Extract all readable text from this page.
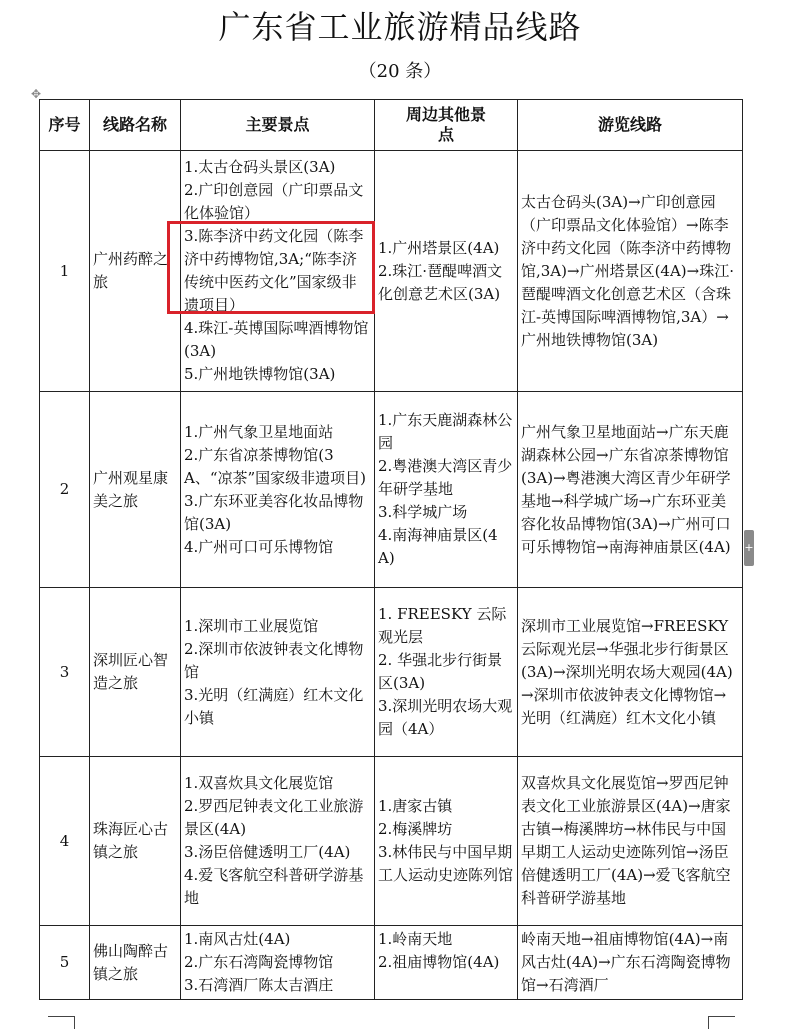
广东省工业旅游精品线路
（20 条）
✥
序号	线路名称	主要景点	周边其他景点	游览线路
1	广州药醉之旅	1.太古仓码头景区(3A)
2.广印创意园（广印票品文化体验馆）
3.陈李济中药文化园（陈李济中药博物馆,3A;“陈李济传统中医药文化”国家级非遗项目）
4.珠江-英博国际啤酒博物馆(3A)
5.广州地铁博物馆(3A)	1.广州塔景区(4A)
2.珠江·琶醍啤酒文化创意艺术区(3A)	太古仓码头(3A)→广印创意园（广印票品文化体验馆）→陈李济中药文化园（陈李济中药博物馆,3A)→广州塔景区(4A)→珠江·琶醍啤酒文化创意艺术区（含珠江-英博国际啤酒博物馆,3A）→广州地铁博物馆(3A)
2	广州观星康美之旅	1.广州气象卫星地面站
2.广东省凉茶博物馆(3A、“凉茶”国家级非遗项目)
3.广东环亚美容化妆品博物馆(3A)
4.广州可口可乐博物馆	1.广东天鹿湖森林公园
2.粤港澳大湾区青少年研学基地
3.科学城广场
4.南海神庙景区(4A)	广州气象卫星地面站→广东天鹿湖森林公园→广东省凉茶博物馆(3A)→粤港澳大湾区青少年研学基地→科学城广场→广东环亚美容化妆品博物馆(3A)→广州可口可乐博物馆→南海神庙景区(4A)
3	深圳匠心智造之旅	1.深圳市工业展览馆
2.深圳市依波钟表文化博物馆
3.光明（红满庭）红木文化小镇	1. FREESKY 云际观光层
2. 华强北步行街景区(3A)
3.深圳光明农场大观园（4A）	深圳市工业展览馆→FREESKY 云际观光层→华强北步行街景区(3A)→深圳光明农场大观园(4A)→深圳市依波钟表文化博物馆→光明（红满庭）红木文化小镇
4	珠海匠心古镇之旅	1.双喜炊具文化展览馆
2.罗西尼钟表文化工业旅游景区(4A)
3.汤臣倍健透明工厂(4A)
4.爱飞客航空科普研学游基地	1.唐家古镇
2.梅溪牌坊
3.林伟民与中国早期工人运动史迹陈列馆	双喜炊具文化展览馆→罗西尼钟表文化工业旅游景区(4A)→唐家古镇→梅溪牌坊→林伟民与中国早期工人运动史迹陈列馆→汤臣倍健透明工厂(4A)→爱飞客航空科普研学游基地
5	佛山陶醉古镇之旅	1.南风古灶(4A)
2.广东石湾陶瓷博物馆
3.石湾酒厂陈太吉酒庄	1.岭南天地
2.祖庙博物馆(4A)	岭南天地→祖庙博物馆(4A)→南风古灶(4A)→广东石湾陶瓷博物馆→石湾酒厂
+
